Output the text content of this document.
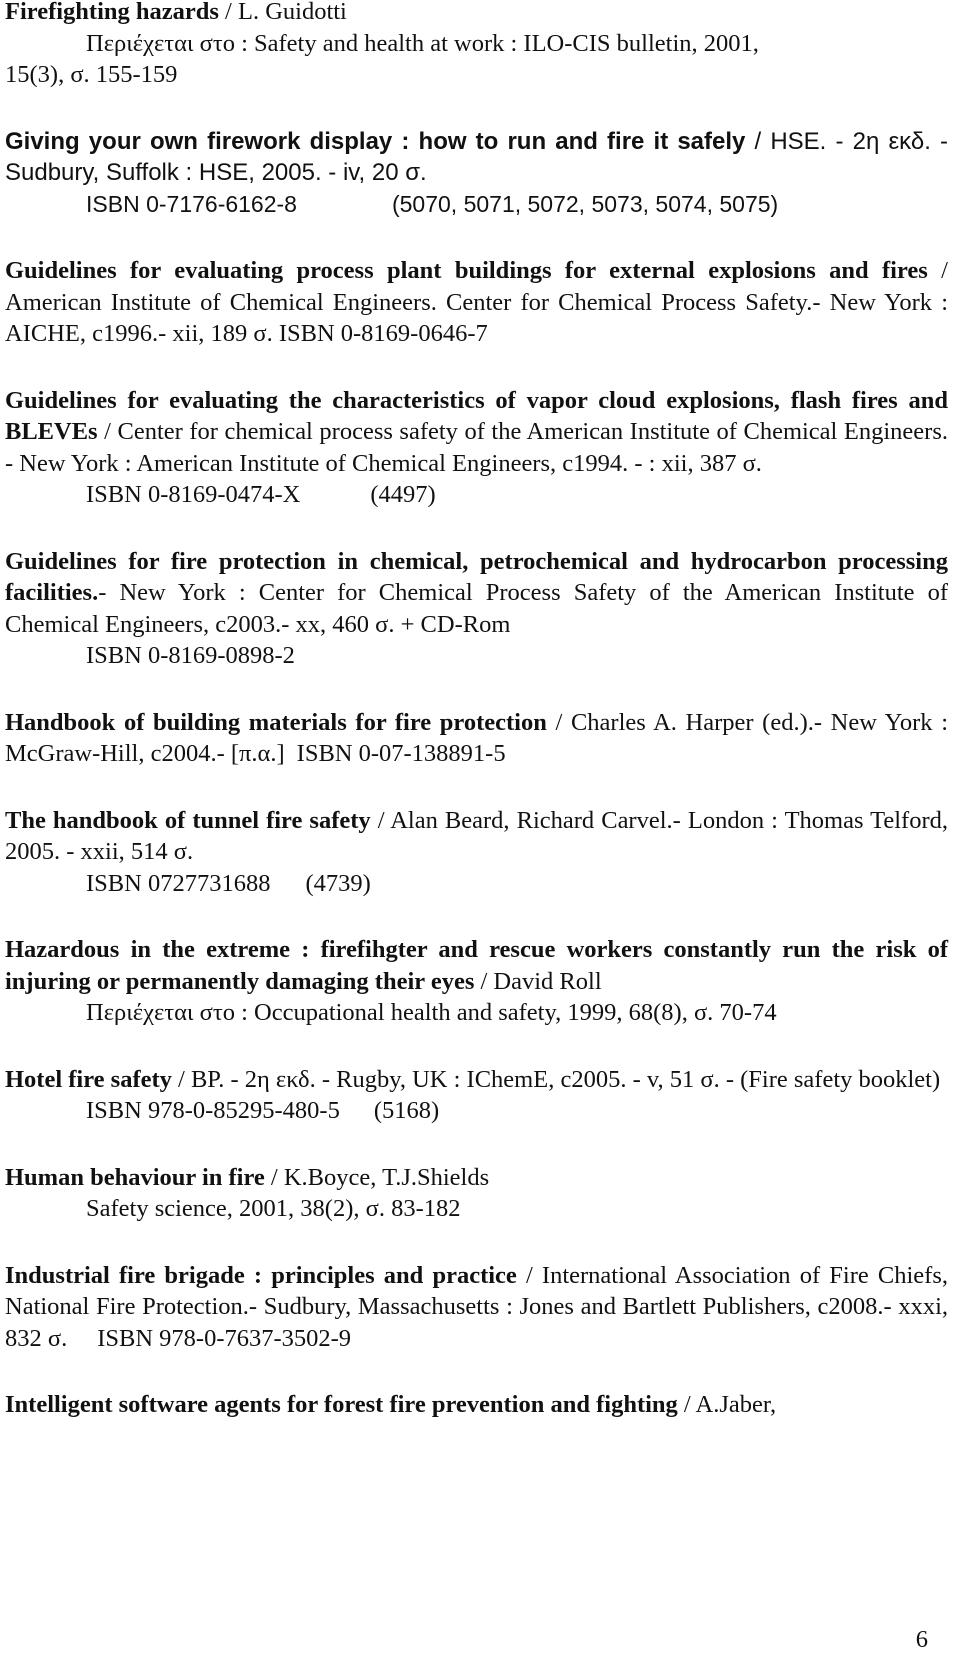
Firefighting hazards / L. Guidotti

Περιέχεται στο : Safety and health at work : ILO-CIS bulletin, 2001,

15(3), σ. 155-159

Giving your own firework display : how to run and fire it safely / HSE. - 2η εκδ. - Sudbury, Suffolk : HSE, 2005. - iv, 20 σ.

ISBN 0-7176-6162-8	(5070, 5071, 5072, 5073, 5074, 5075)

Guidelines for evaluating process plant buildings for external explosions and fires / American Institute of Chemical Engineers. Center for Chemical Process Safety.- New York : AICHE, c1996.- xii, 189 σ. ISBN 0-8169-0646-7

Guidelines for evaluating the characteristics of vapor cloud explosions, flash fires and BLEVEs / Center for chemical process safety of the American Institute of Chemical Engineers. - New York : American Institute of Chemical Engineers, c1994. - : xii, 387 σ.

ISBN 0-8169-0474-X	(4497)

Guidelines for fire protection in chemical, petrochemical and hydrocarbon processing facilities.- New York : Center for Chemical Process Safety of the American Institute of Chemical Engineers, c2003.- xx, 460 σ. + CD-Rom

ISBN 0-8169-0898-2

Handbook of building materials for fire protection / Charles A. Harper (ed.).- New York : McGraw-Hill, c2004.- [π.α.] ISBN 0-07-138891-5

The handbook of tunnel fire safety / Alan Beard, Richard Carvel.- London : Thomas Telford, 2005. - xxii, 514 σ.

ISBN 0727731688 (4739)

Hazardous in the extreme : firefihgter and rescue workers constantly run the risk of injuring or permanently damaging their eyes / David Roll

Περιέχεται στο : Occupational health and safety, 1999, 68(8), σ. 70-74

Hotel fire safety / BP. - 2η εκδ. - Rugby, UK : IChemE, c2005. - v, 51 σ. - (Fire safety booklet)

ISBN 978-0-85295-480-5 (5168)

Human behaviour in fire / K.Boyce, T.J.Shields

Safety science, 2001, 38(2), σ. 83-182

Industrial fire brigade : principles and practice / International Association of Fire Chiefs, National Fire Protection.- Sudbury, Massachusetts : Jones and Bartlett Publishers, c2008.- xxxi, 832 σ. ISBN 978-0-7637-3502-9

Intelligent software agents for forest fire prevention and fighting / A.Jaber,

6
